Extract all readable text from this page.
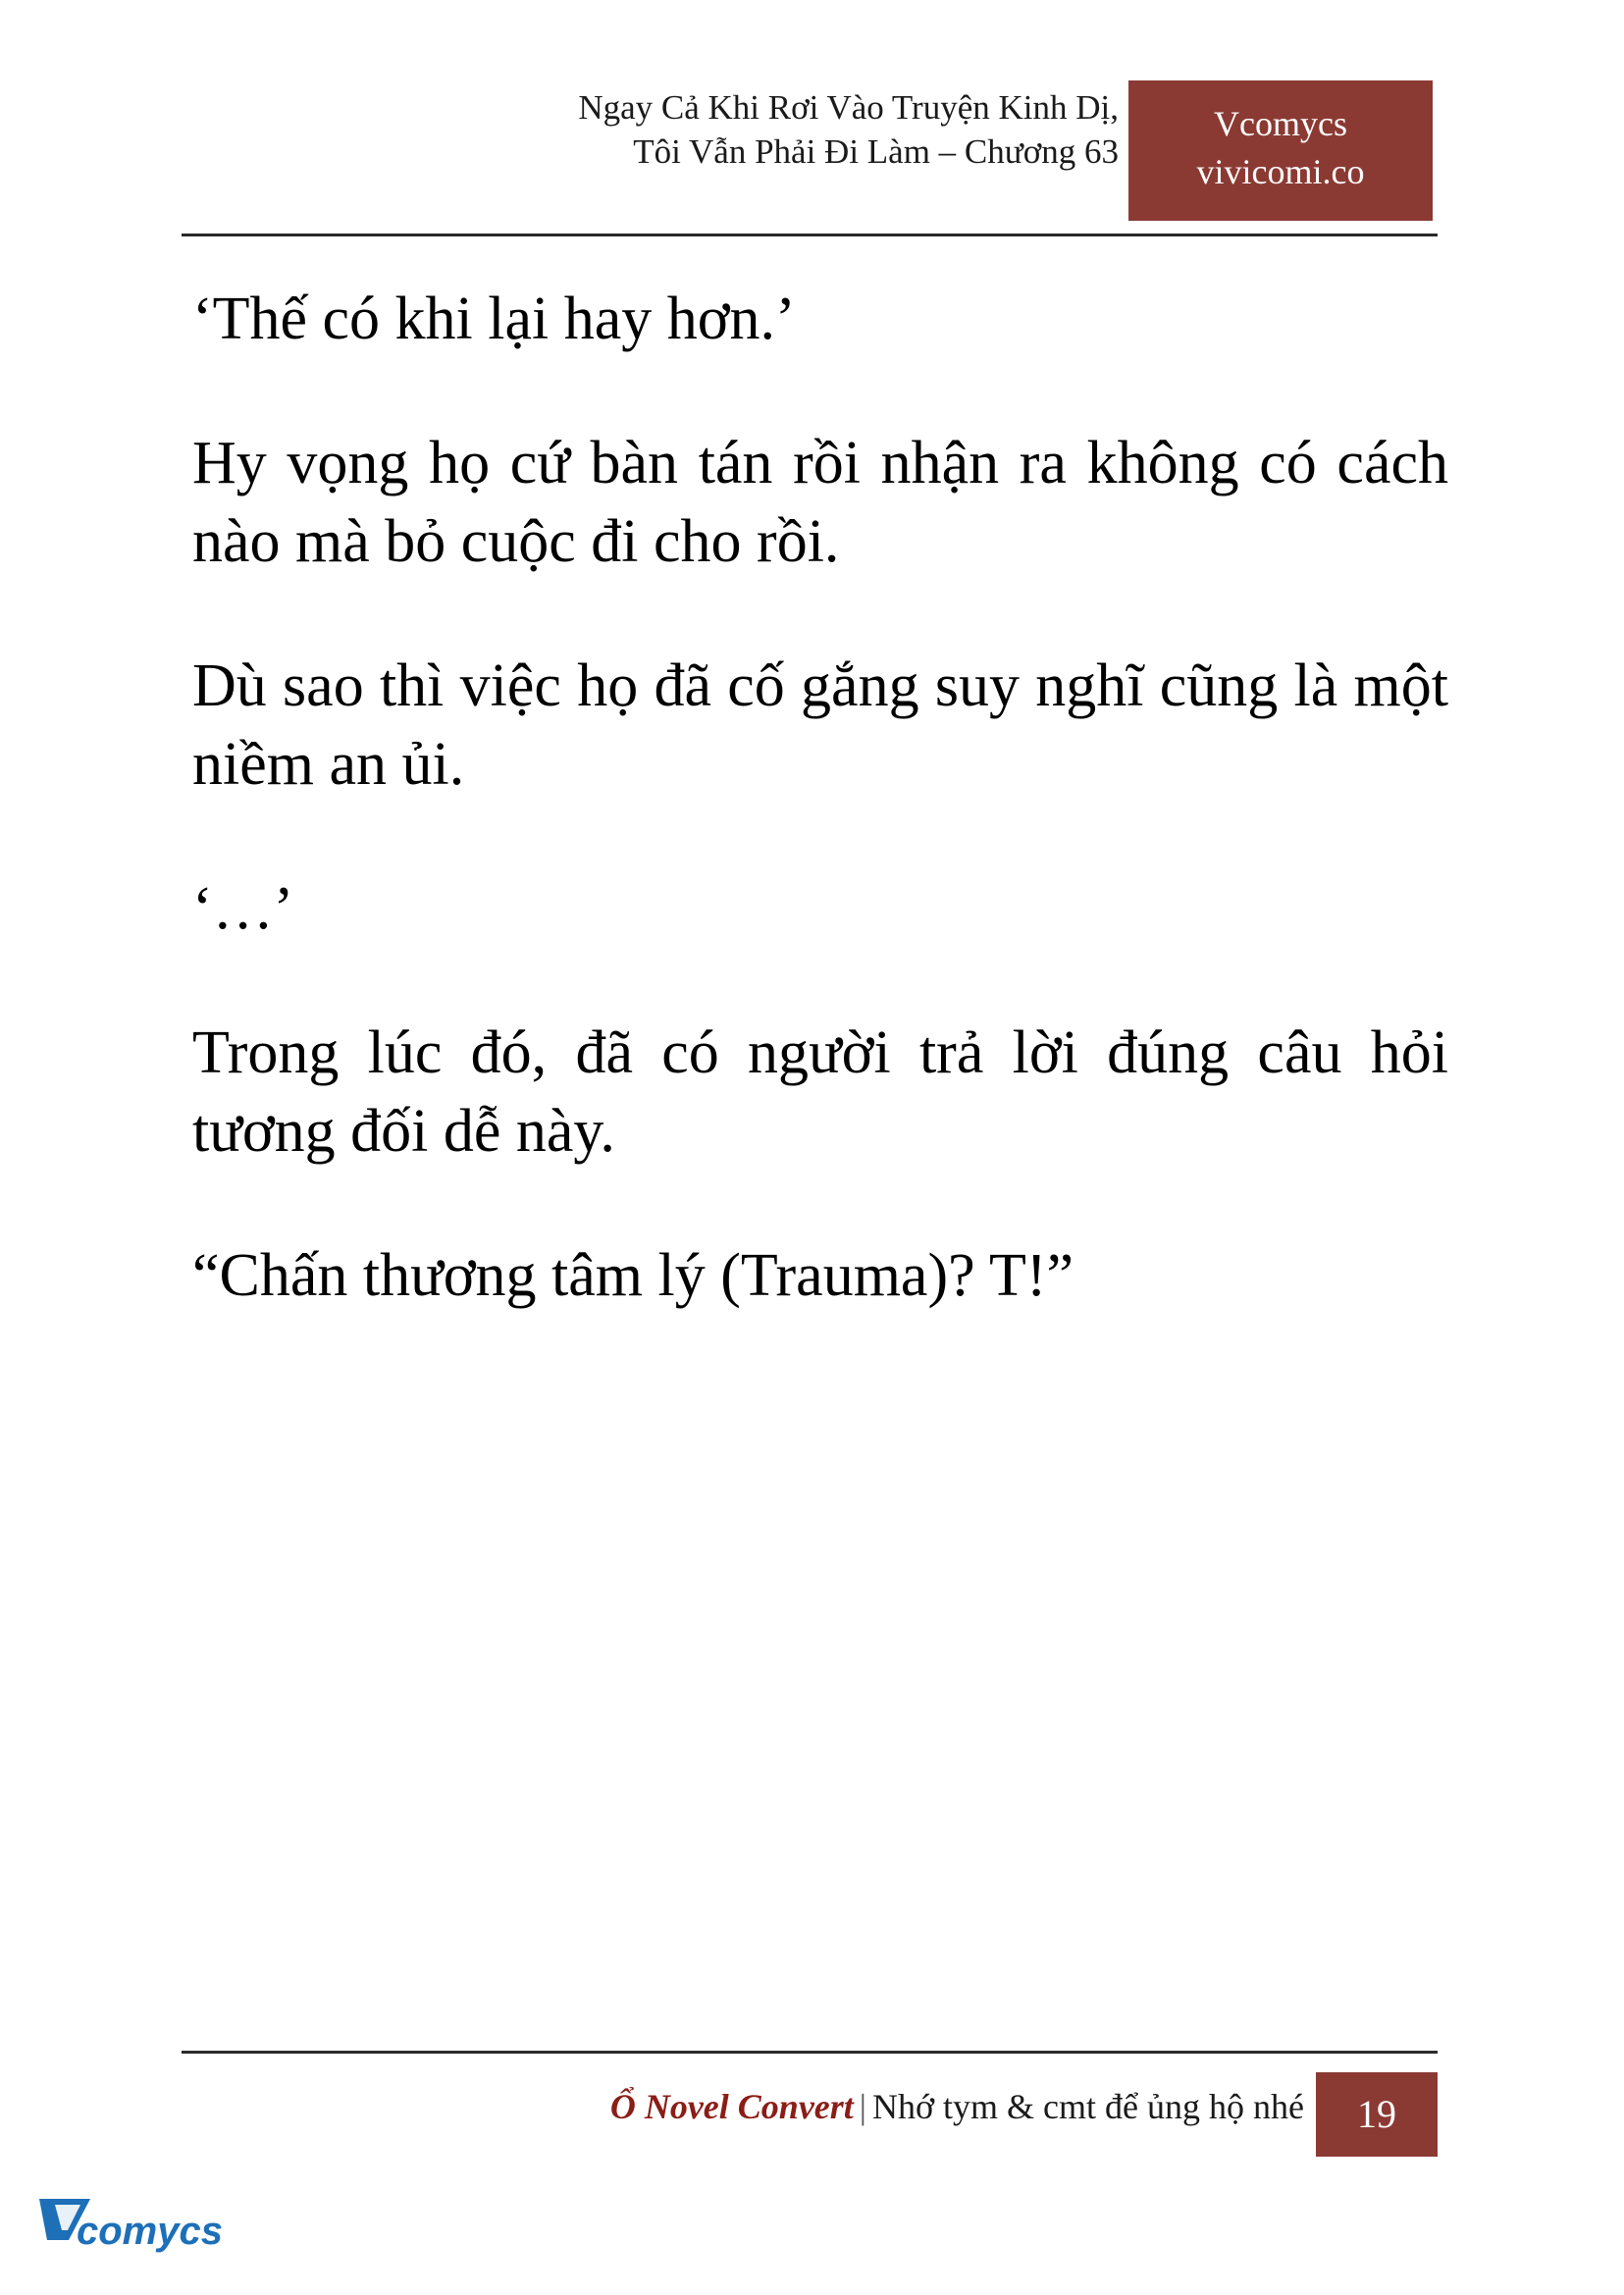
Ngay Cả Khi Rơi Vào Truyện Kinh Dị,
Tôi Vẫn Phải Đi Làm – Chương 63
Vcomycs
vivicomi.co

‘Thế có khi lại hay hơn.’

Hy vọng họ cứ bàn tán rồi nhận ra không có cách nào mà bỏ cuộc đi cho rồi.

Dù sao thì việc họ đã cố gắng suy nghĩ cũng là một niềm an ủi.

‘…’

Trong lúc đó, đã có người trả lời đúng câu hỏi tương đối dễ này.

“Chấn thương tâm lý (Trauma)? T!”

Ổ Novel Convert | Nhớ tym & cmt để ủng hộ nhé	19
comycs
